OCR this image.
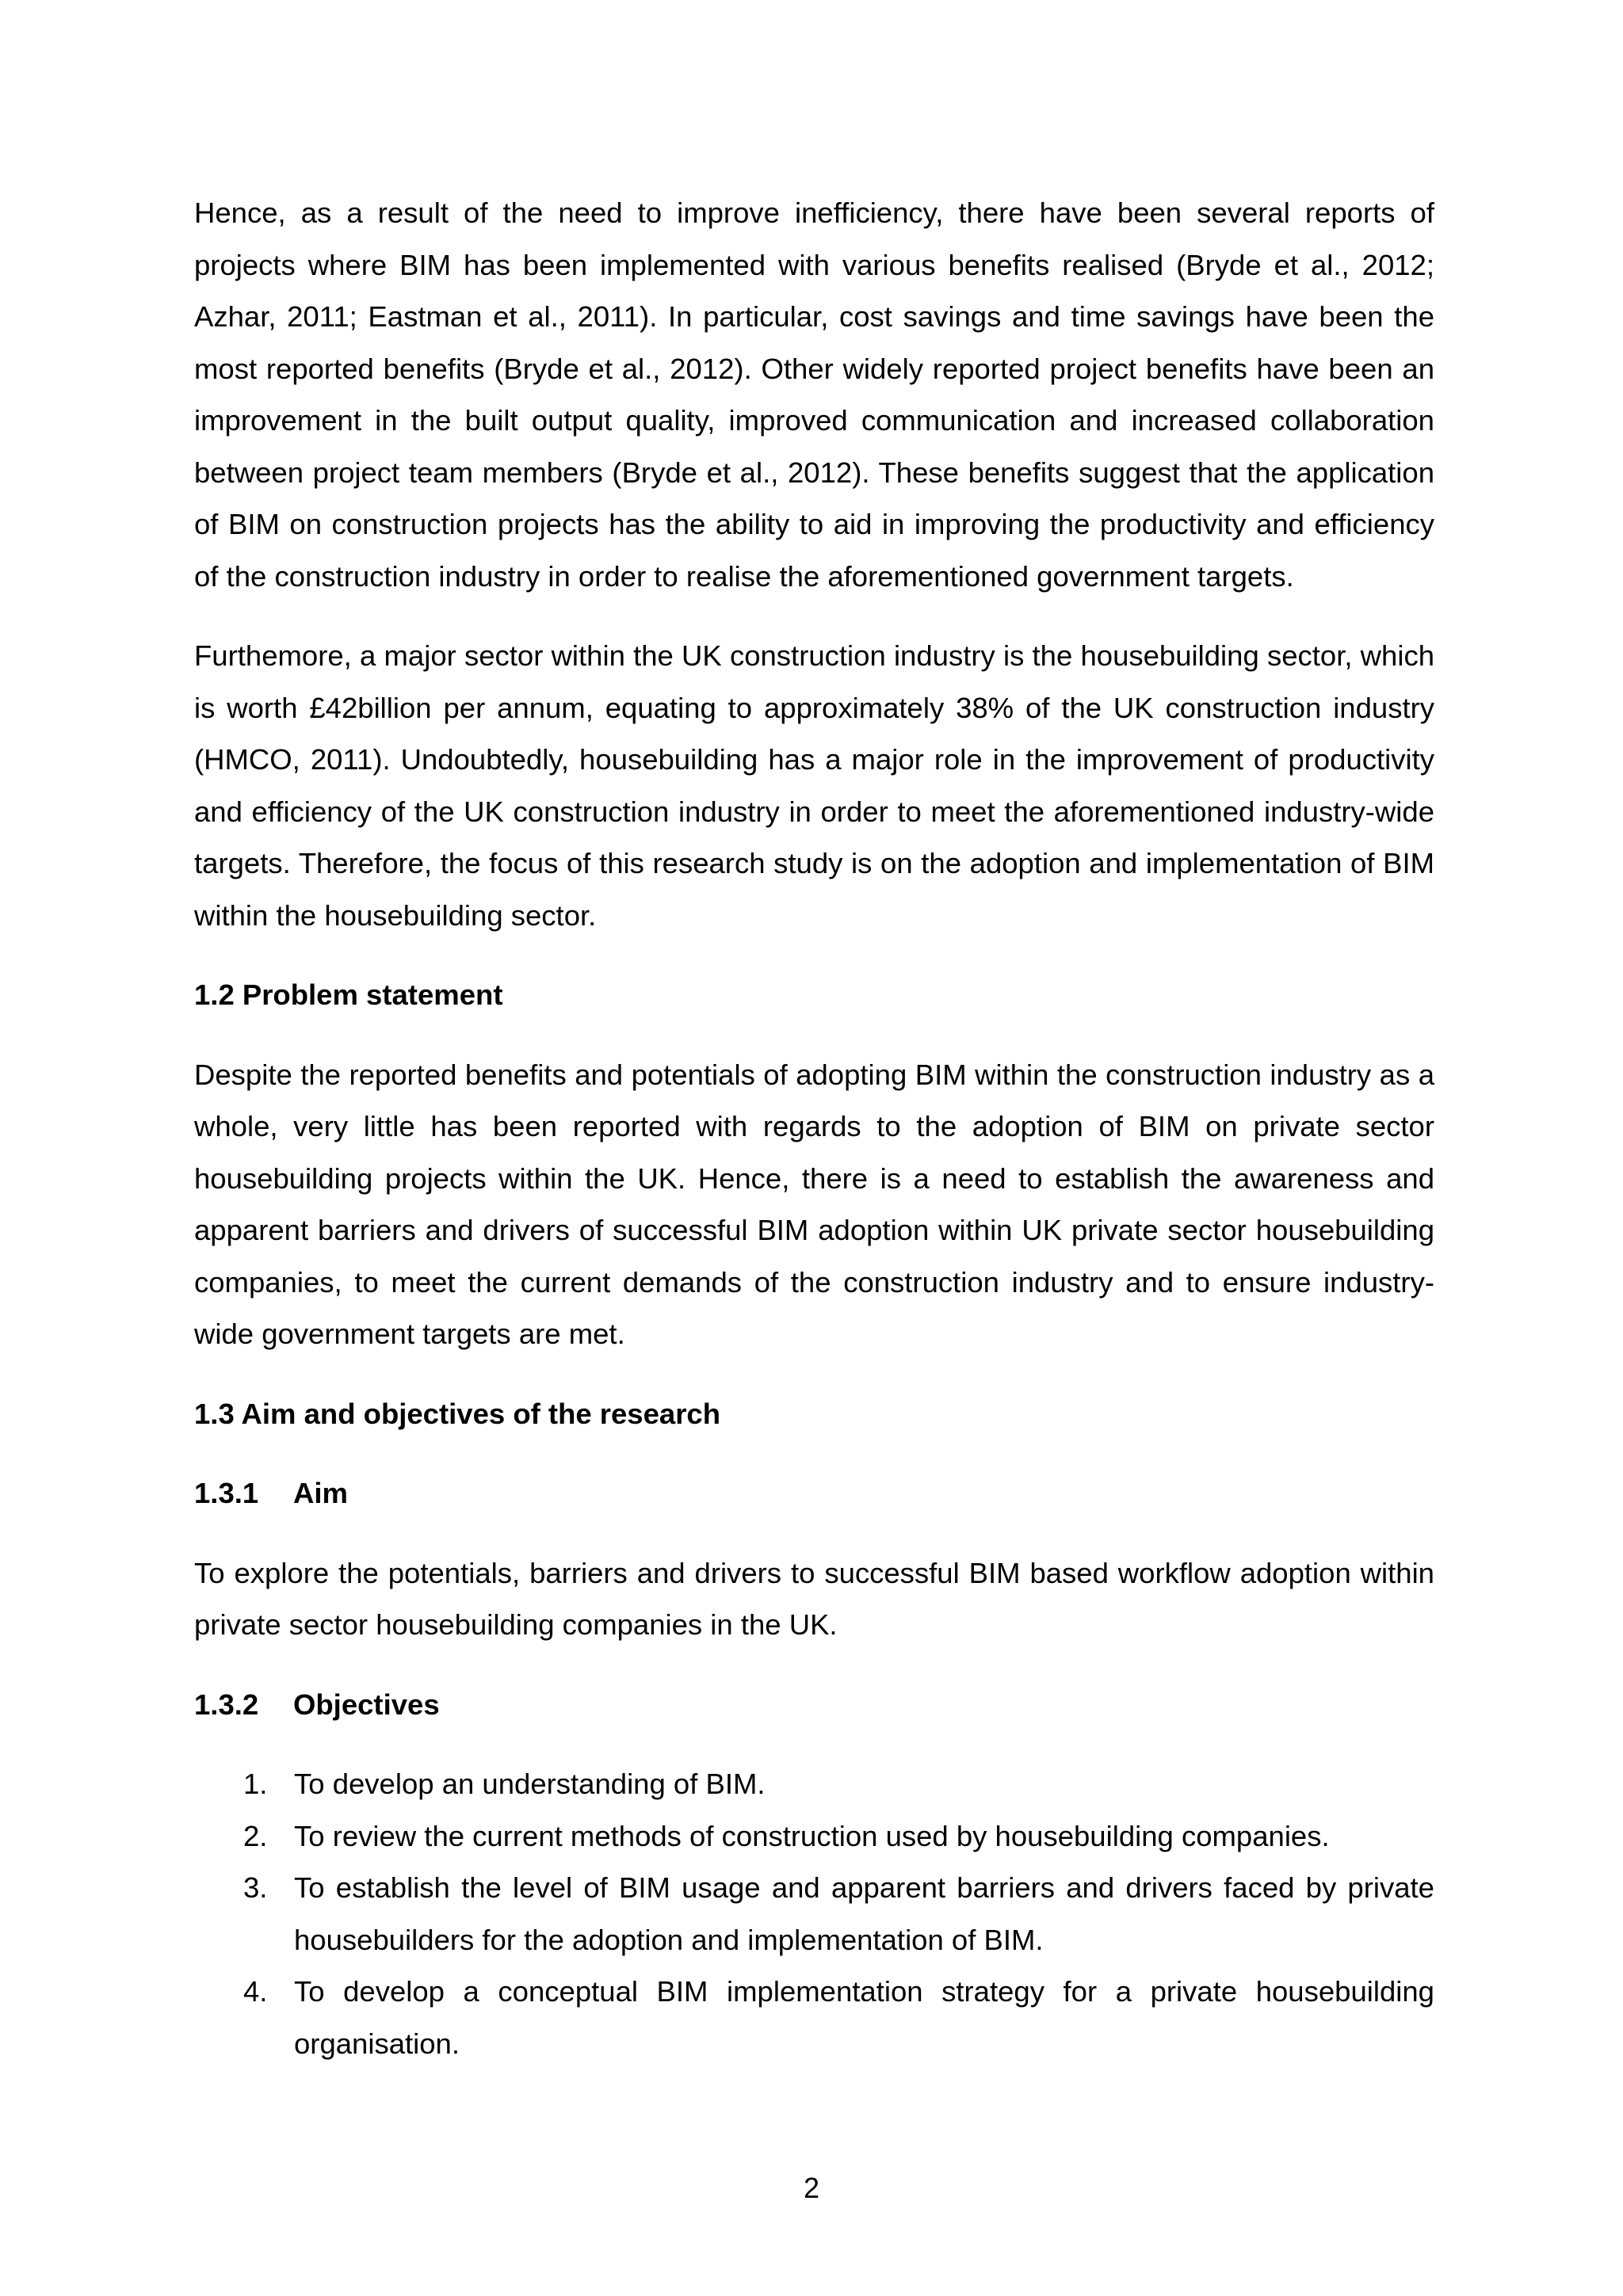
Hence, as a result of the need to improve inefficiency, there have been several reports of projects where BIM has been implemented with various benefits realised (Bryde et al., 2012; Azhar, 2011; Eastman et al., 2011). In particular, cost savings and time savings have been the most reported benefits (Bryde et al., 2012). Other widely reported project benefits have been an improvement in the built output quality, improved communication and increased collaboration between project team members (Bryde et al., 2012). These benefits suggest that the application of BIM on construction projects has the ability to aid in improving the productivity and efficiency of the construction industry in order to realise the aforementioned government targets.

Furthemore, a major sector within the UK construction industry is the housebuilding sector, which is worth £42billion per annum, equating to approximately 38% of the UK construction industry (HMCO, 2011). Undoubtedly, housebuilding has a major role in the improvement of productivity and efficiency of the UK construction industry in order to meet the aforementioned industry-wide targets. Therefore, the focus of this research study is on the adoption and implementation of BIM within the housebuilding sector.

1.2 Problem statement

Despite the reported benefits and potentials of adopting BIM within the construction industry as a whole, very little has been reported with regards to the adoption of BIM on private sector housebuilding projects within the UK. Hence, there is a need to establish the awareness and apparent barriers and drivers of successful BIM adoption within UK private sector housebuilding companies, to meet the current demands of the construction industry and to ensure industry-wide government targets are met.

1.3 Aim and objectives of the research
1.3.1 Aim

To explore the potentials, barriers and drivers to successful BIM based workflow adoption within private sector housebuilding companies in the UK.

1.3.2 Objectives
1. To develop an understanding of BIM.
2. To review the current methods of construction used by housebuilding companies.
3. To establish the level of BIM usage and apparent barriers and drivers faced by private housebuilders for the adoption and implementation of BIM.
4. To develop a conceptual BIM implementation strategy for a private housebuilding organisation.
2
